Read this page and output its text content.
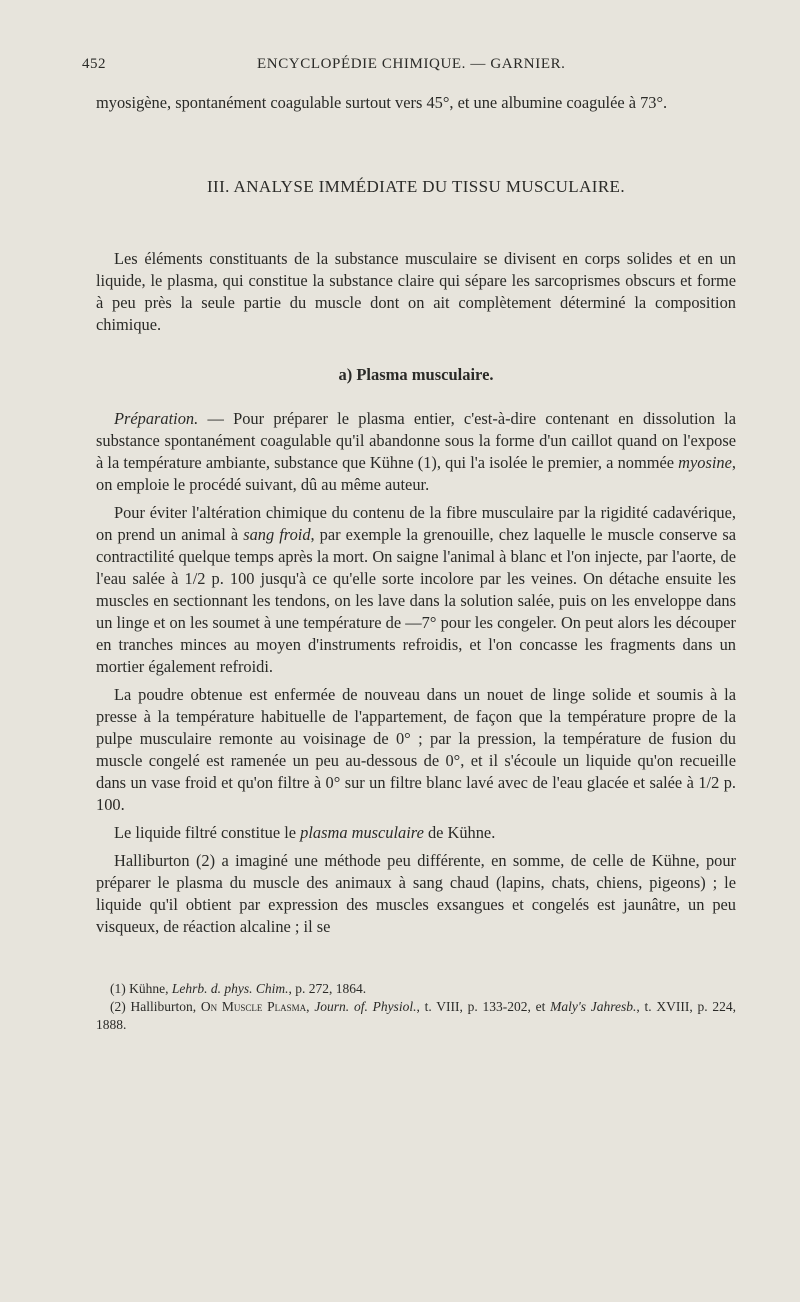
452	ENCYCLOPÉDIE CHIMIQUE. — GARNIER.

myosigène, spontanément coagulable surtout vers 45°, et une albumine coagulée à 73°.

III. ANALYSE IMMÉDIATE DU TISSU MUSCULAIRE.

Les éléments constituants de la substance musculaire se divisent en corps solides et en un liquide, le plasma, qui constitue la substance claire qui sépare les sarcoprismes obscurs et forme à peu près la seule partie du muscle dont on ait complètement déterminé la composition chimique.

a) Plasma musculaire.

Préparation. — Pour préparer le plasma entier, c'est-à-dire contenant en dissolution la substance spontanément coagulable qu'il abandonne sous la forme d'un caillot quand on l'expose à la température ambiante, substance que Kühne (1), qui l'a isolée le premier, a nommée myosine, on emploie le procédé suivant, dû au même auteur.

Pour éviter l'altération chimique du contenu de la fibre musculaire par la rigidité cadavérique, on prend un animal à sang froid, par exemple la grenouille, chez laquelle le muscle conserve sa contractilité quelque temps après la mort. On saigne l'animal à blanc et l'on injecte, par l'aorte, de l'eau salée à 1/2 p. 100 jusqu'à ce qu'elle sorte incolore par les veines. On détache ensuite les muscles en sectionnant les tendons, on les lave dans la solution salée, puis on les enveloppe dans un linge et on les soumet à une température de —7° pour les congeler. On peut alors les découper en tranches minces au moyen d'instruments refroidis, et l'on concasse les fragments dans un mortier également refroidi.

La poudre obtenue est enfermée de nouveau dans un nouet de linge solide et soumis à la presse à la température habituelle de l'appartement, de façon que la température propre de la pulpe musculaire remonte au voisinage de 0° ; par la pression, la température de fusion du muscle congelé est ramenée un peu au-dessous de 0°, et il s'écoule un liquide qu'on recueille dans un vase froid et qu'on filtre à 0° sur un filtre blanc lavé avec de l'eau glacée et salée à 1/2 p. 100.

Le liquide filtré constitue le plasma musculaire de Kühne.

Halliburton (2) a imaginé une méthode peu différente, en somme, de celle de Kühne, pour préparer le plasma du muscle des animaux à sang chaud (lapins, chats, chiens, pigeons) ; le liquide qu'il obtient par expression des muscles exsangues et congelés est jaunâtre, un peu visqueux, de réaction alcaline ; il se

(1) Kühne, Lehrb. d. phys. Chim., p. 272, 1864.

(2) Halliburton, On Muscle Plasma, Journ. of. Physiol., t. VIII, p. 133-202, et Maly's Jahresb., t. XVIII, p. 224, 1888.
